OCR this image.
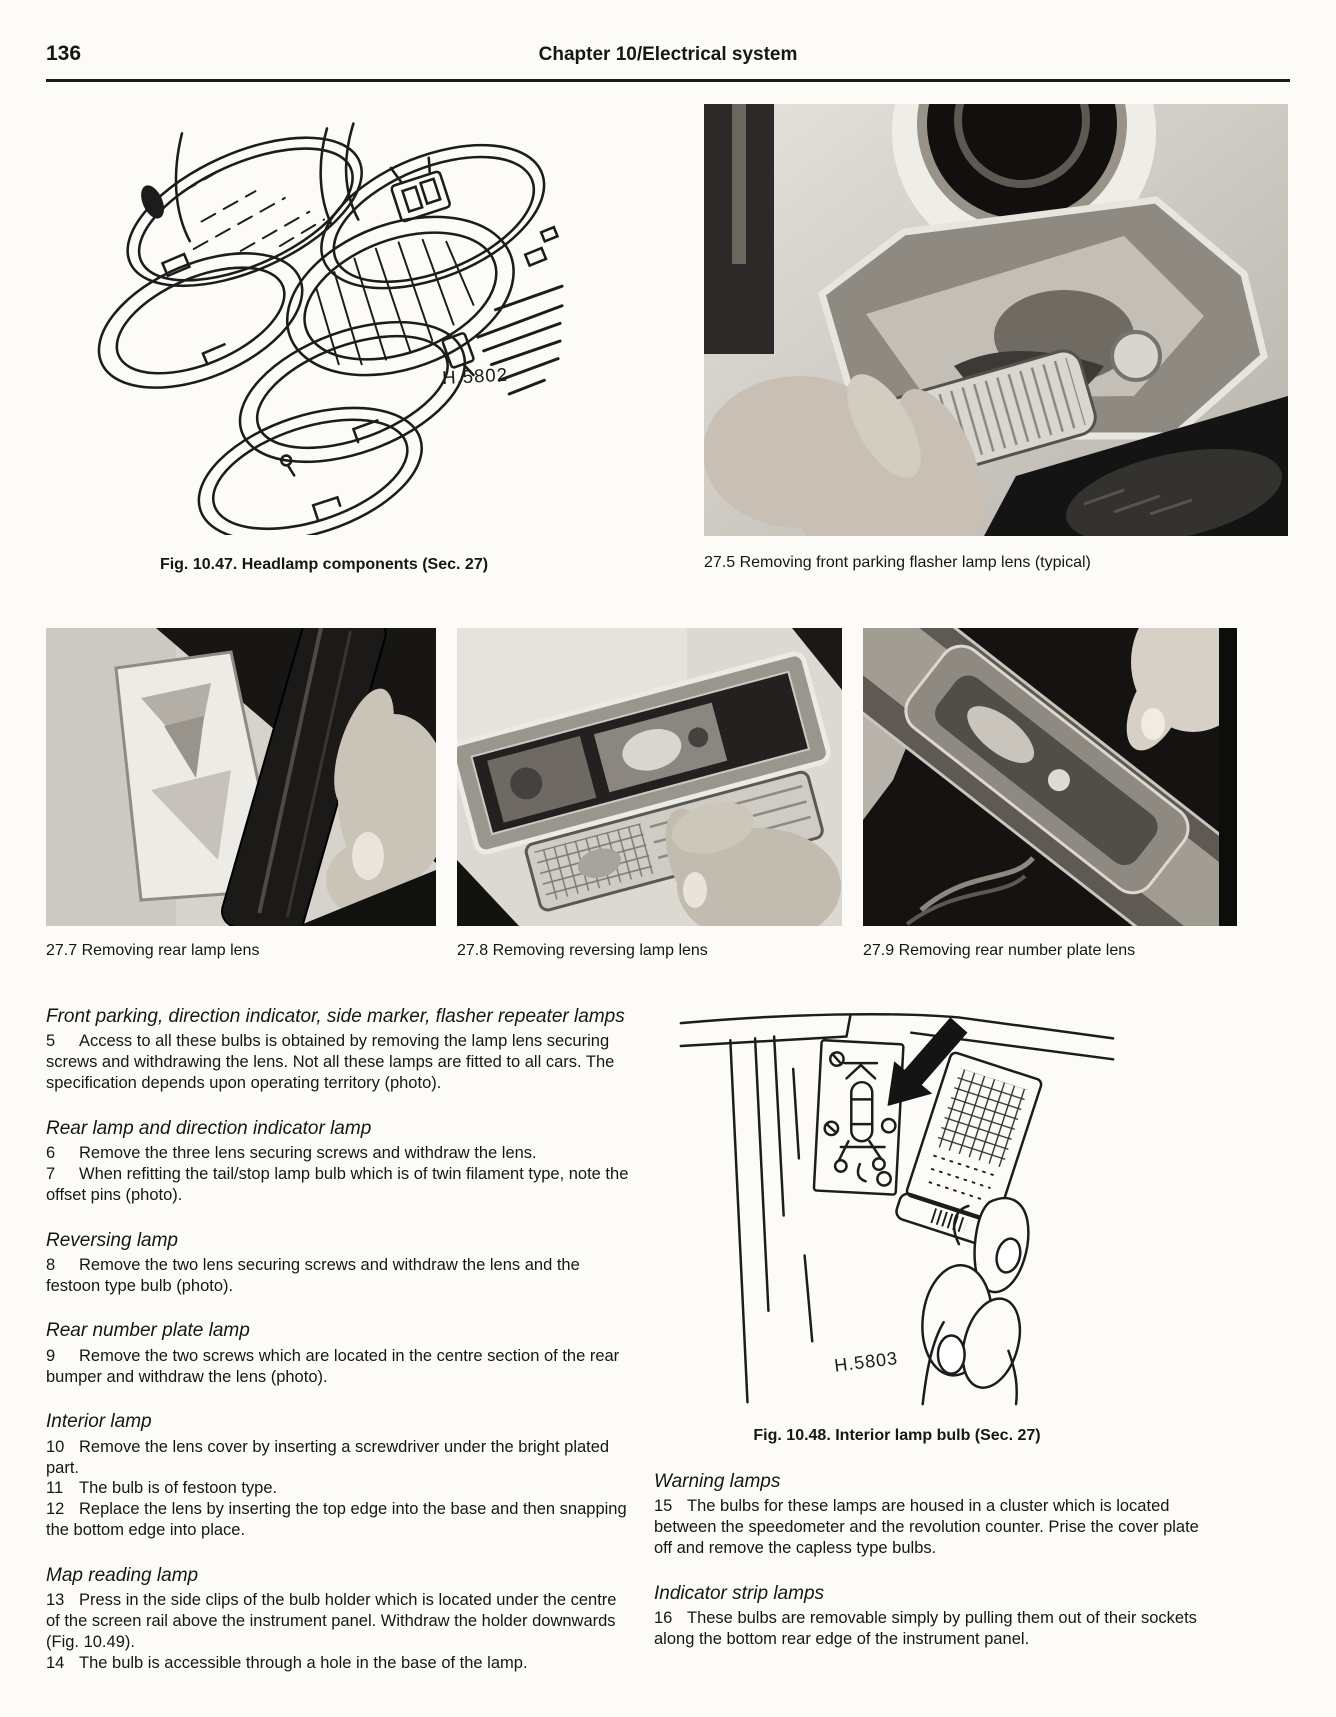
136	Chapter 10/Electrical system
H.5802
Fig. 10.47. Headlamp components (Sec. 27)	27.5 Removing front parking flasher lamp lens (typical)
27.7 Removing rear lamp lens	27.8 Removing reversing lamp lens	27.9 Removing rear number plate lens
Front parking, direction indicator, side marker, flasher repeater lamps

5 Access to all these bulbs is obtained by removing the lamp lens securing screws and withdrawing the lens. Not all these lamps are fitted to all cars. The specification depends upon operating territory (photo).

Rear lamp and direction indicator lamp

6 Remove the three lens securing screws and withdraw the lens.

7 When refitting the tail/stop lamp bulb which is of twin filament type, note the offset pins (photo).

Reversing lamp

8 Remove the two lens securing screws and withdraw the lens and the festoon type bulb (photo).

Rear number plate lamp

9 Remove the two screws which are located in the centre section of the rear bumper and withdraw the lens (photo).

Interior lamp

10 Remove the lens cover by inserting a screwdriver under the bright plated part.

11 The bulb is of festoon type.

12 Replace the lens by inserting the top edge into the base and then snapping the bottom edge into place.

Map reading lamp

13 Press in the side clips of the bulb holder which is located under the centre of the screen rail above the instrument panel. Withdraw the holder downwards (Fig. 10.49).

14 The bulb is accessible through a hole in the base of the lamp.

H.5803
Fig. 10.48. Interior lamp bulb (Sec. 27)
Warning lamps

15 The bulbs for these lamps are housed in a cluster which is located between the speedometer and the revolution counter. Prise the cover plate off and remove the capless type bulbs.

Indicator strip lamps

16 These bulbs are removable simply by pulling them out of their sockets along the bottom rear edge of the instrument panel.
